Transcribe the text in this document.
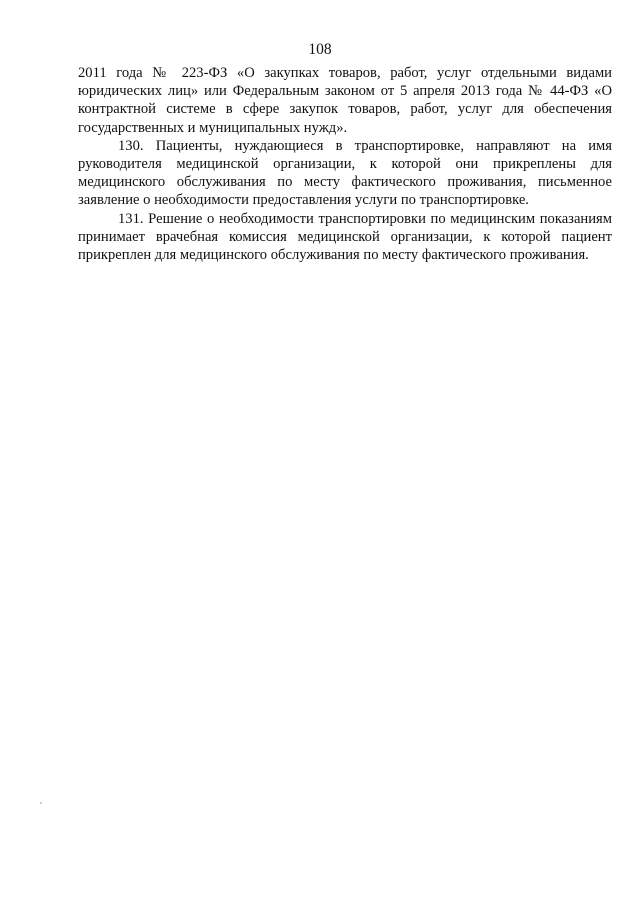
108

2011 года № 223-ФЗ «О закупках товаров, работ, услуг отдельными видами юридических лиц» или Федеральным законом от 5 апреля 2013 года № 44-ФЗ «О контрактной системе в сфере закупок товаров, работ, услуг для обеспечения государственных и муниципальных нужд».

130. Пациенты, нуждающиеся в транспортировке, направляют на имя руководителя медицинской организации, к которой они прикреплены для медицинского обслуживания по месту фактического проживания, письменное заявление о необходимости предоставления услуги по транспортировке.

131. Решение о необходимости транспортировки по медицинским показаниям принимает врачебная комиссия медицинской организации, к которой пациент прикреплен для медицинского обслуживания по месту фактического проживания.
